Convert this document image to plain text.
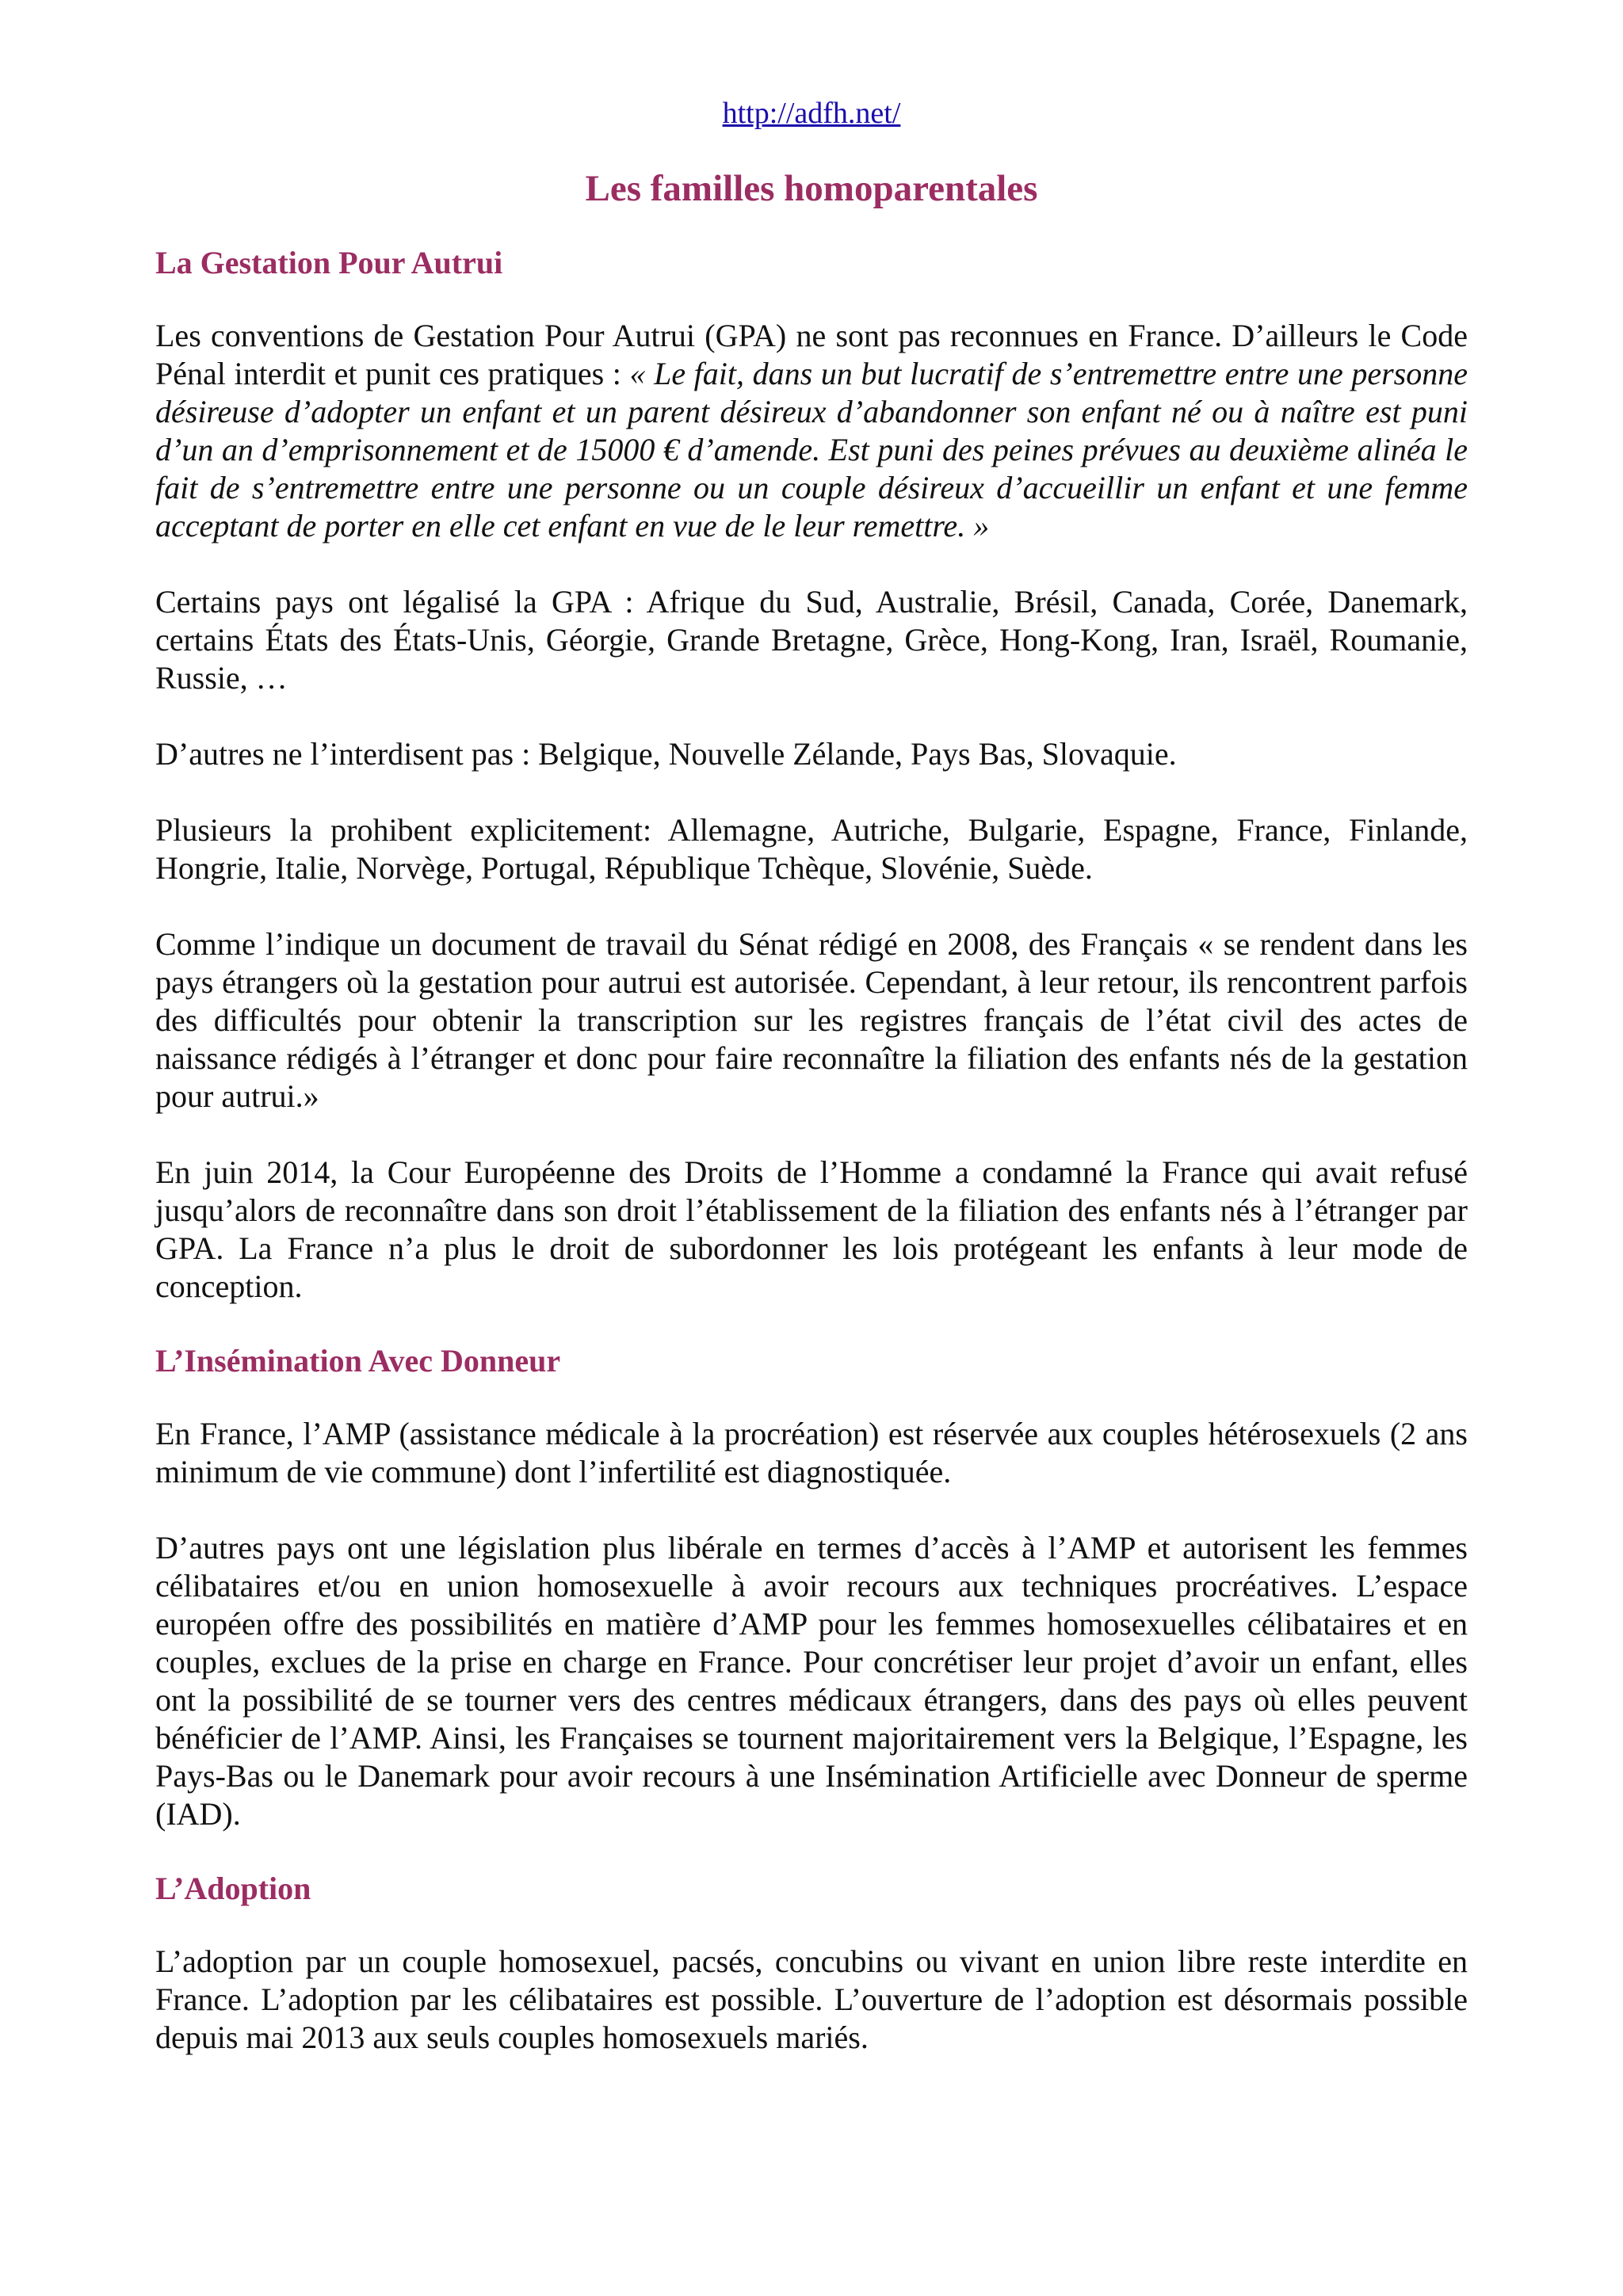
http://adfh.net/

Les familles homoparentales
La Gestation Pour Autrui

Les conventions de Gestation Pour Autrui (GPA) ne sont pas reconnues en France. D’ailleurs le Code Pénal interdit et punit ces pratiques : « Le fait, dans un but lucratif de s’entremettre entre une personne désireuse d’adopter un enfant et un parent désireux d’abandonner son enfant né ou à naître est puni d’un an d’emprisonnement et de 15000 € d’amende. Est puni des peines prévues au deuxième alinéa le fait de s’entremettre entre une personne ou un couple désireux d’accueillir un enfant et une femme acceptant de porter en elle cet enfant en vue de le leur remettre. »

Certains pays ont légalisé la GPA : Afrique du Sud, Australie, Brésil, Canada, Corée, Danemark, certains États des États-Unis, Géorgie, Grande Bretagne, Grèce, Hong-Kong, Iran, Israël, Roumanie, Russie, …

D’autres ne l’interdisent pas : Belgique, Nouvelle Zélande, Pays Bas, Slovaquie.

Plusieurs la prohibent explicitement: Allemagne, Autriche, Bulgarie, Espagne, France, Finlande, Hongrie, Italie, Norvège, Portugal, République Tchèque, Slovénie, Suède.

Comme l’indique un document de travail du Sénat rédigé en 2008, des Français « se rendent dans les pays étrangers où la gestation pour autrui est autorisée. Cependant, à leur retour, ils rencontrent parfois des difficultés pour obtenir la transcription sur les registres français de l’état civil des actes de naissance rédigés à l’étranger et donc pour faire reconnaître la filiation des enfants nés de la gestation pour autrui.»

En juin 2014, la Cour Européenne des Droits de l’Homme a condamné la France qui avait refusé jusqu’alors de reconnaître dans son droit l’établissement de la filiation des enfants nés à l’étranger par GPA. La France n’a plus le droit de subordonner les lois protégeant les enfants à leur mode de conception.

L’Insémination Avec Donneur

En France, l’AMP (assistance médicale à la procréation) est réservée aux couples hétérosexuels (2 ans minimum de vie commune) dont l’infertilité est diagnostiquée.

D’autres pays ont une législation plus libérale en termes d’accès à l’AMP et autorisent les femmes célibataires et/ou en union homosexuelle à avoir recours aux techniques procréatives. L’espace européen offre des possibilités en matière d’AMP pour les femmes homosexuelles célibataires et en couples, exclues de la prise en charge en France. Pour concrétiser leur projet d’avoir un enfant, elles ont la possibilité de se tourner vers des centres médicaux étrangers, dans des pays où elles peuvent bénéficier de l’AMP. Ainsi, les Françaises se tournent majoritairement vers la Belgique, l’Espagne, les Pays-Bas ou le Danemark pour avoir recours à une Insémination Artificielle avec Donneur de sperme (IAD).

L’Adoption

L’adoption par un couple homosexuel, pacsés, concubins ou vivant en union libre reste interdite en France. L’adoption par les célibataires est possible. L’ouverture de l’adoption est désormais possible depuis mai 2013 aux seuls couples homosexuels mariés.
